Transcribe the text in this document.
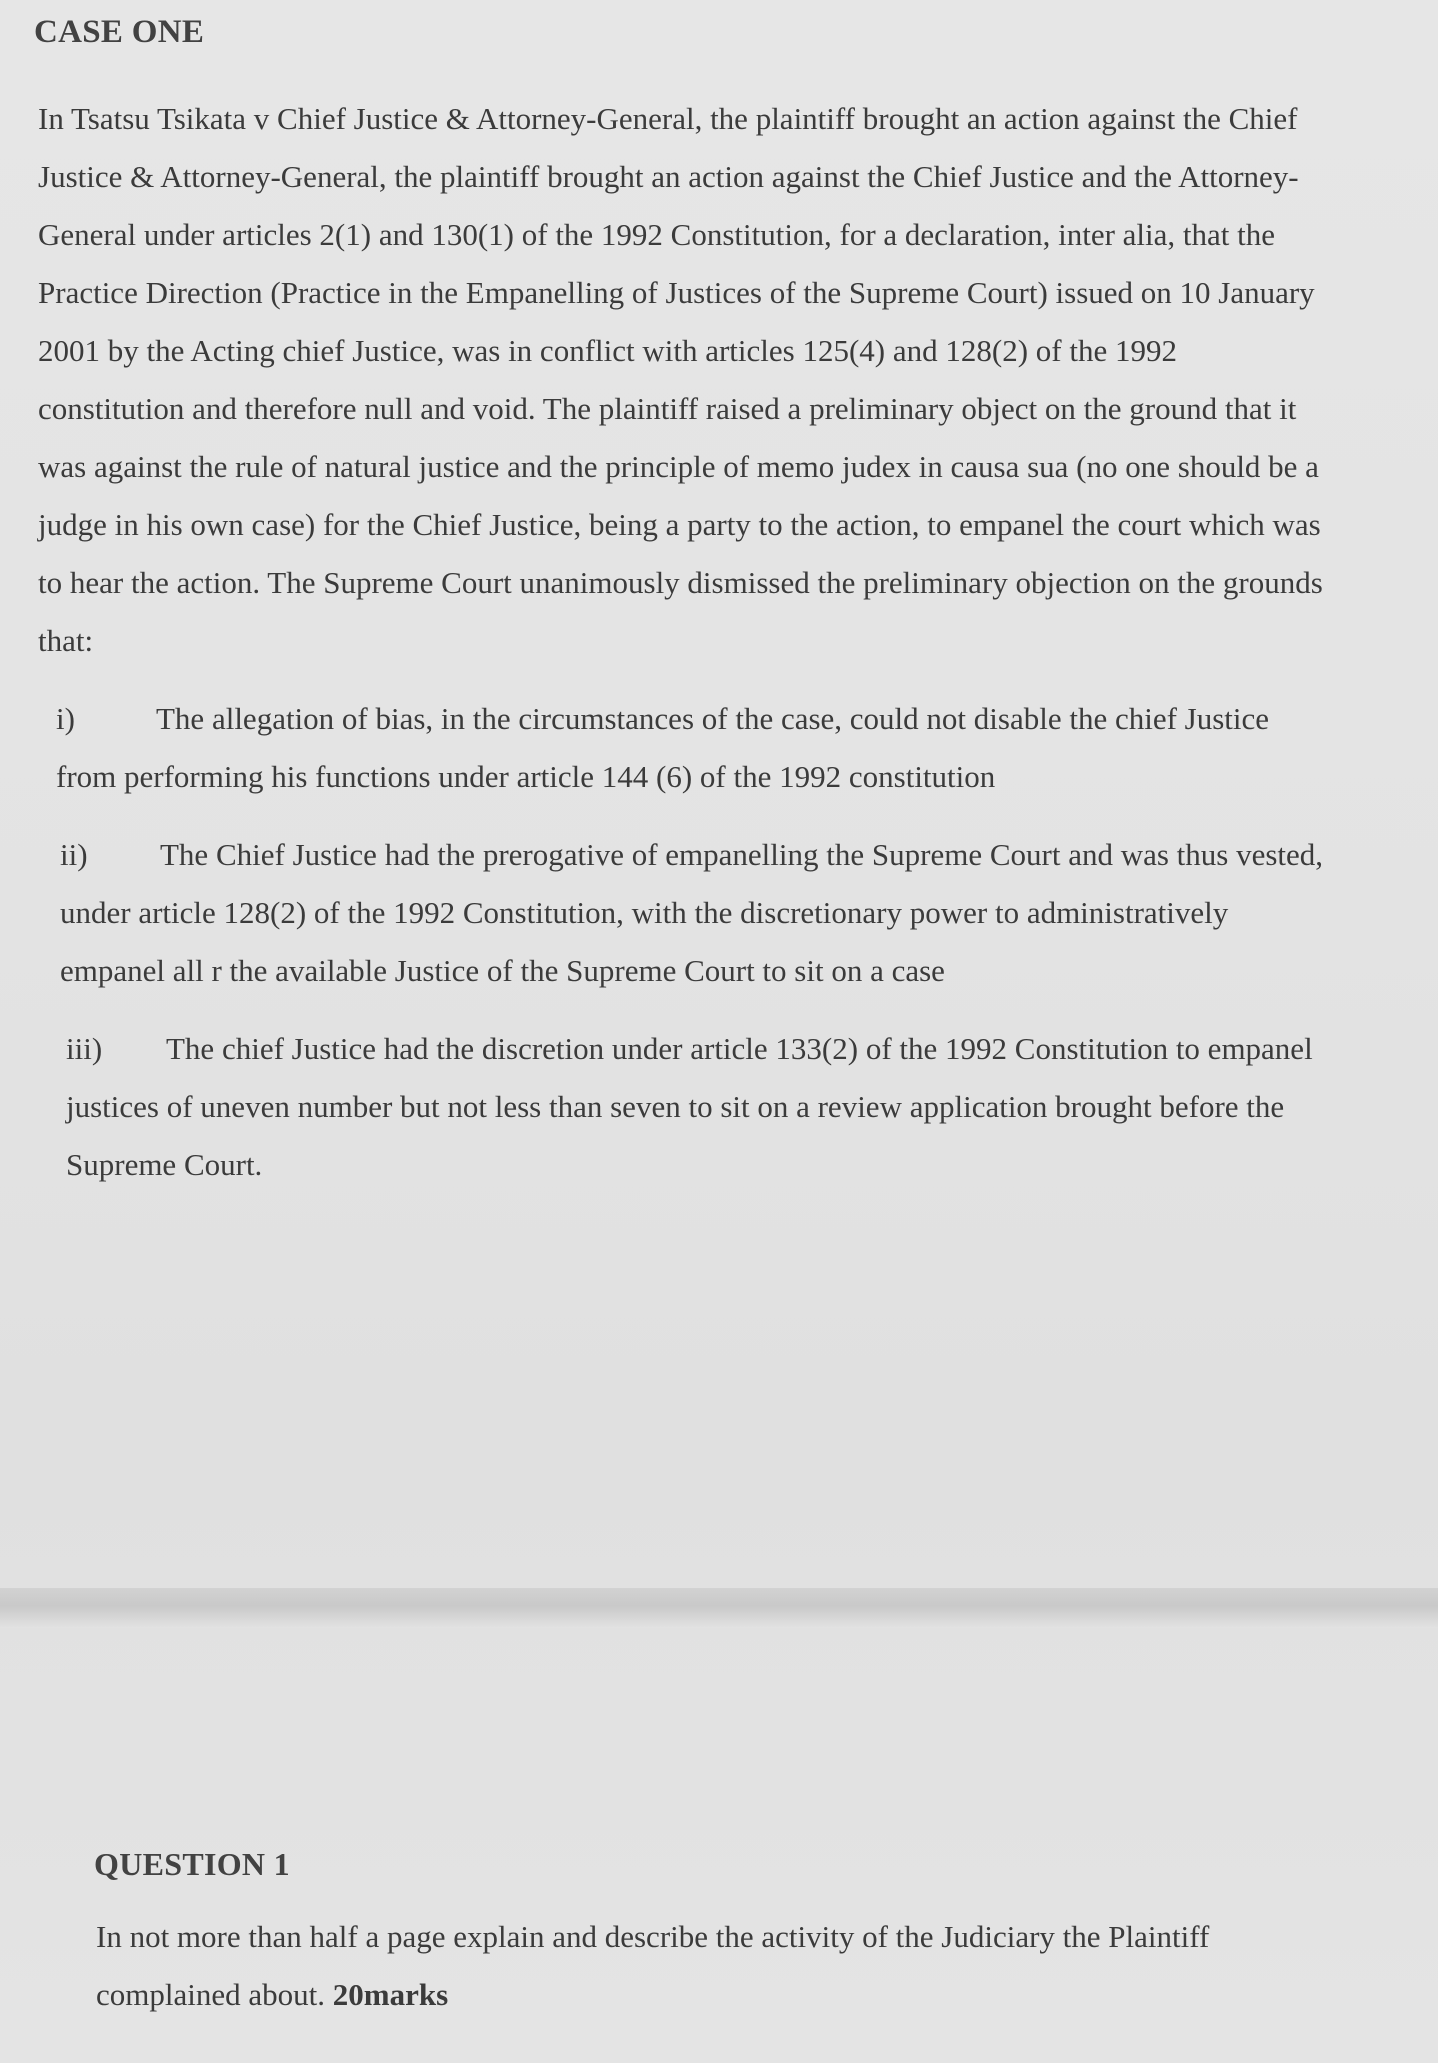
CASE ONE

In Tsatsu Tsikata v Chief Justice & Attorney-General, the plaintiff brought an action against the Chief Justice & Attorney-General, the plaintiff brought an action against the Chief Justice and the Attorney-General under articles 2(1) and 130(1) of the 1992 Constitution, for a declaration, inter alia, that the Practice Direction (Practice in the Empanelling of Justices of the Supreme Court) issued on 10 January 2001 by the Acting chief Justice, was in conflict with articles 125(4) and 128(2) of the 1992 constitution and therefore null and void. The plaintiff raised a preliminary object on the ground that it was against the rule of natural justice and the principle of memo judex in causa sua (no one should be a judge in his own case) for the Chief Justice, being a party to the action, to empanel the court which was to hear the action. The Supreme Court unanimously dismissed the preliminary objection on the grounds that:

i)	The allegation of bias, in the circumstances of the case, could not disable the chief Justice from performing his functions under article 144 (6) of the 1992 constitution

ii) The Chief Justice had the prerogative of empanelling the Supreme Court and was thus vested, under article 128(2) of the 1992 Constitution, with the discretionary power to administratively empanel all r the available Justice of the Supreme Court to sit on a case

iii) The chief Justice had the discretion under article 133(2) of the 1992 Constitution to empanel justices of uneven number but not less than seven to sit on a review application brought before the Supreme Court.

QUESTION 1

In not more than half a page explain and describe the activity of the Judiciary the Plaintiff complained about. 20marks
